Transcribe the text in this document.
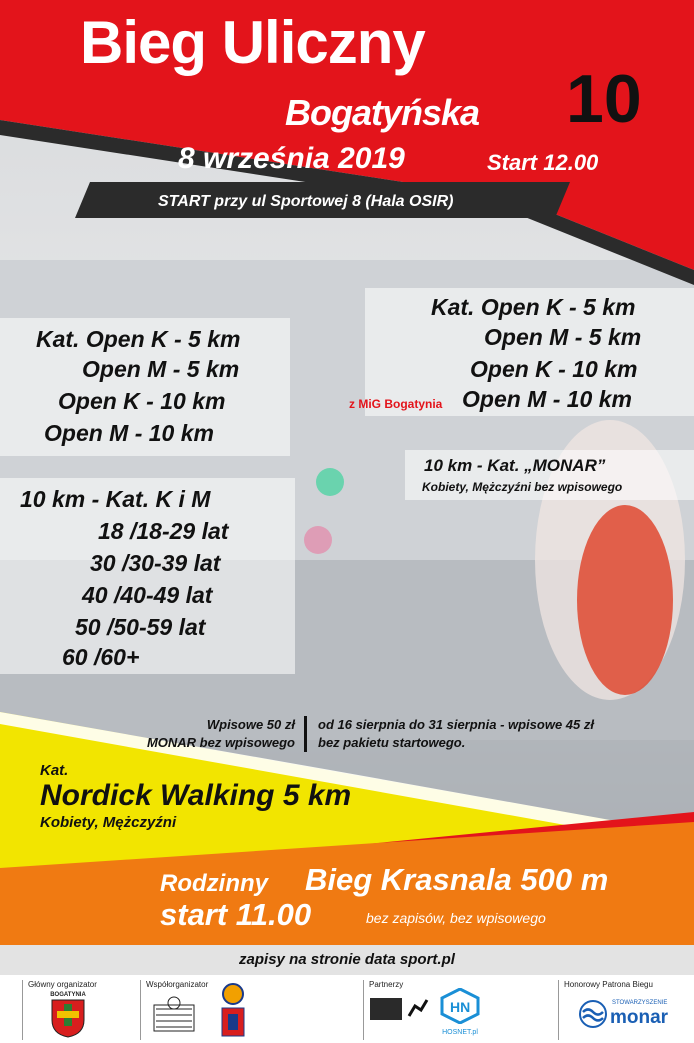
Bieg Uliczny
Bogatyńska 10
8 września 2019	Start 12.00
START przy ul Sportowej 8 (Hala OSIR)
Kat. Open K - 5 km
Open M - 5 km
Open K - 10 km
Open M - 10 km
Kat. Open K - 5 km
Open M - 5 km
Open K - 10 km
z MiG Bogatynia Open M - 10 km
10 km - Kat. „MONAR”
Kobiety, Mężczyźni bez wpisowego
10 km - Kat. K i M
18 /18-29 lat
30 /30-39 lat
40 /40-49 lat
50 /50-59 lat
60 /60+
Wpisowe 50 zł
MONAR bez wpisowego
od 16 sierpnia do 31 sierpnia - wpisowe 45 zł
bez pakietu startowego.
Kat.
Nordick Walking 5 km
Kobiety, Mężczyźni
Rodzinny Bieg Krasnala 500 m
start 11.00	bez zapisów, bez wpisowego
zapisy na stronie data sport.pl
Główny organizator	Współorganizator	Partnerzy	Honorowy Patrona Biegu
BOGATYNIA
HN
HOSNET.pl
STOWARZYSZENIE
monar
